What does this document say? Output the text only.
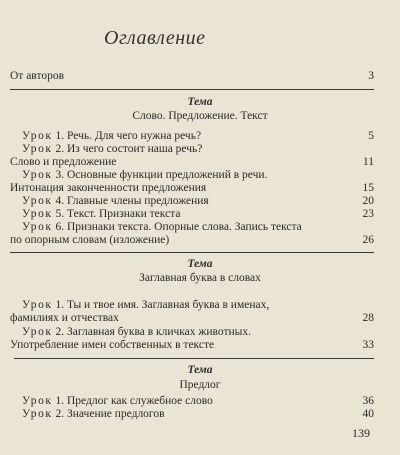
Оглавление
От авторов	3
Тема
Слово. Предложение. Текст
Урок 1. Речь. Для чего нужна речь?	5
Урок 2. Из чего состоит наша речь?
Слово и предложение	11
Урок 3. Основные функции предложений в речи.
Интонация законченности предложения	15
Урок 4. Главные члены предложения	20
Урок 5. Текст. Признаки текста	23
Урок 6. Признаки текста. Опорные слова. Запись текста
по опорным словам (изложение)	26
Тема
Заглавная буква в словах
Урок 1. Ты и твое имя. Заглавная буква в именах,
фамилиях и отчествах	28
Урок 2. Заглавная буква в кличках животных.
Употребление имен собственных в тексте	33
Тема
Предлог
Урок 1. Предлог как служебное слово	36
Урок 2. Значение предлогов	40
139
